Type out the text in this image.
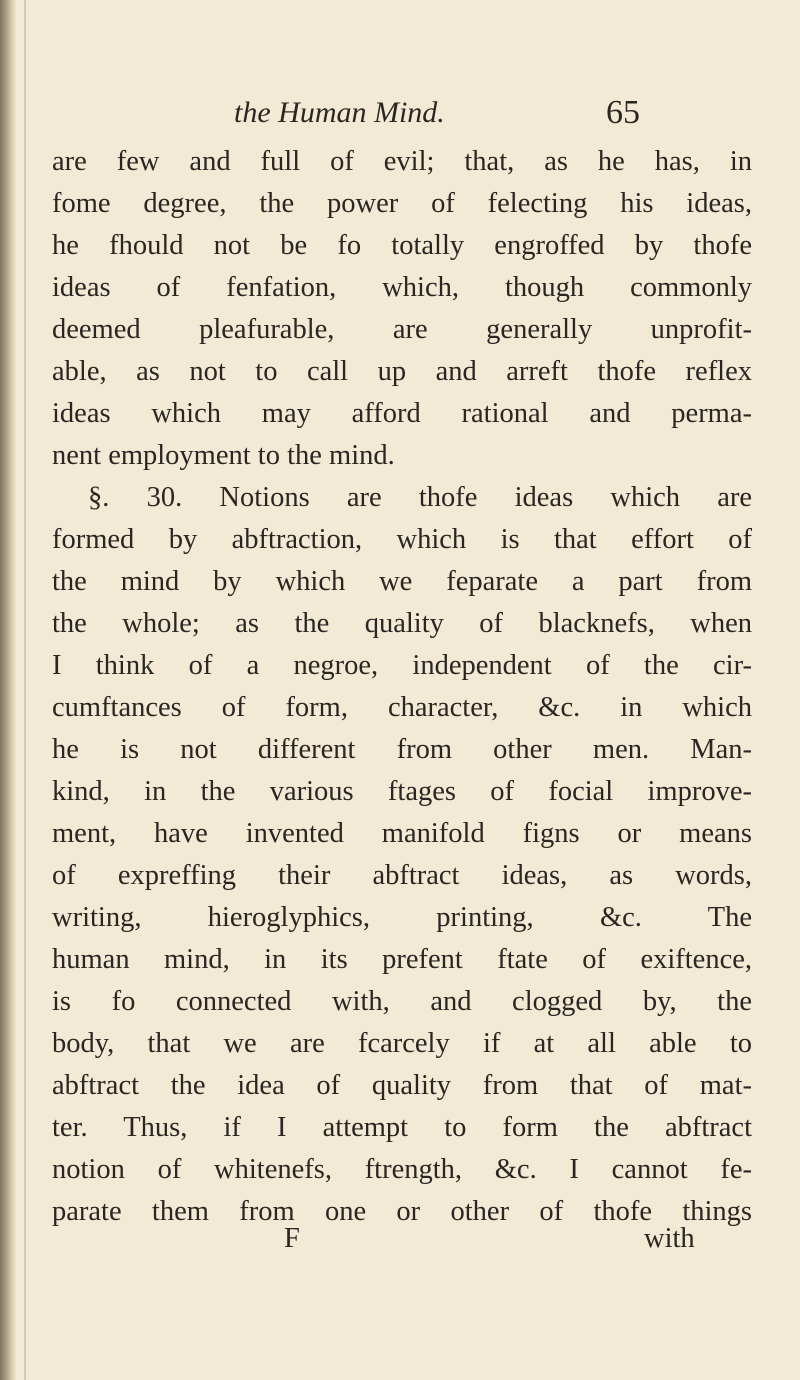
the Human Mind.	65
are few and full of evil; that, as he has, in
fome degree, the power of felecting his ideas,
he fhould not be fo totally engroffed by thofe
ideas of fenfation, which, though commonly
deemed pleafurable, are generally unprofit-
able, as not to call up and arreft thofe reflex
ideas which may afford rational and perma-
nent employment to the mind.
§. 30. Notions are thofe ideas which are
formed by abftraction, which is that effort of
the mind by which we feparate a part from
the whole; as the quality of blacknefs, when
I think of a negroe, independent of the cir-
cumftances of form, character, &c. in which
he is not different from other men. Man-
kind, in the various ftages of focial improve-
ment, have invented manifold figns or means
of expreffing their abftract ideas, as words,
writing, hieroglyphics, printing, &c. The
human mind, in its prefent ftate of exiftence,
is fo connected with, and clogged by, the
body, that we are fcarcely if at all able to
abftract the idea of quality from that of mat-
ter. Thus, if I attempt to form the abftract
notion of whitenefs, ftrength, &c. I cannot fe-
parate them from one or other of thofe things
F	with
